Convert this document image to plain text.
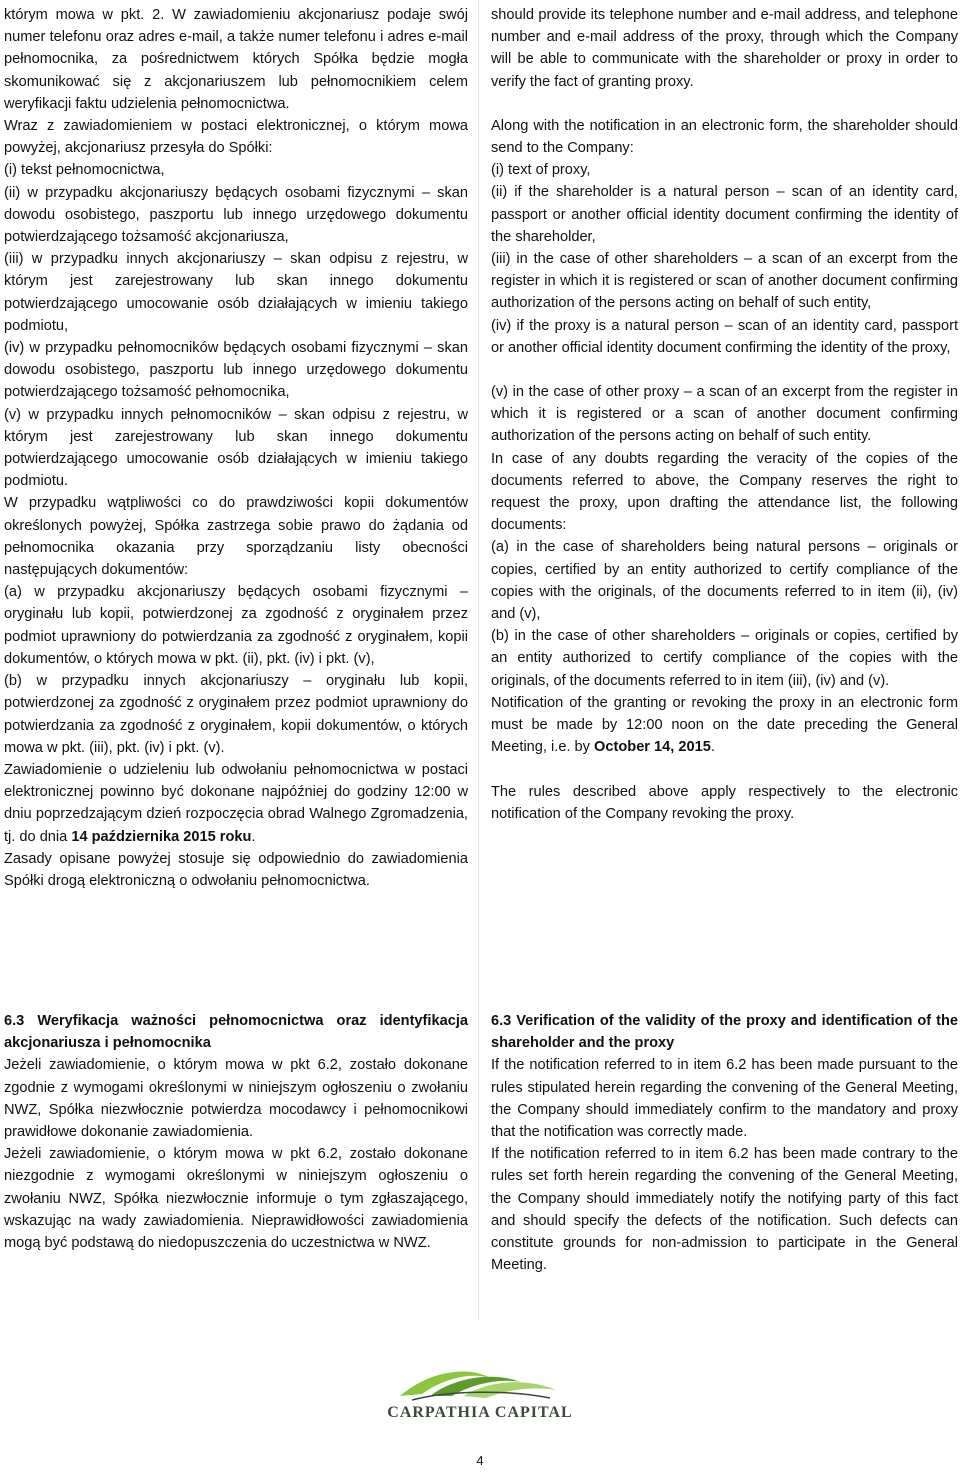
którym mowa w pkt. 2. W zawiadomieniu akcjonariusz podaje swój numer telefonu oraz adres e-mail, a także numer telefonu i adres e-mail pełnomocnika, za pośrednictwem których Spółka będzie mogła skomunikować się z akcjonariuszem lub pełnomocnikiem celem weryfikacji faktu udzielenia pełnomocnictwa.

Wraz z zawiadomieniem w postaci elektronicznej, o którym mowa powyżej, akcjonariusz przesyła do Spółki:

(i) tekst pełnomocnictwa,

(ii) w przypadku akcjonariuszy będących osobami fizycznymi – skan dowodu osobistego, paszportu lub innego urzędowego dokumentu potwierdzającego tożsamość akcjonariusza,

(iii) w przypadku innych akcjonariuszy – skan odpisu z rejestru, w którym jest zarejestrowany lub skan innego dokumentu potwierdzającego umocowanie osób działających w imieniu takiego podmiotu,

(iv) w przypadku pełnomocników będących osobami fizycznymi – skan dowodu osobistego, paszportu lub innego urzędowego dokumentu potwierdzającego tożsamość pełnomocnika,

(v) w przypadku innych pełnomocników – skan odpisu z rejestru, w którym jest zarejestrowany lub skan innego dokumentu potwierdzającego umocowanie osób działających w imieniu takiego podmiotu.

W przypadku wątpliwości co do prawdziwości kopii dokumentów określonych powyżej, Spółka zastrzega sobie prawo do żądania od pełnomocnika okazania przy sporządzaniu listy obecności następujących dokumentów:

(a) w przypadku akcjonariuszy będących osobami fizycznymi – oryginału lub kopii, potwierdzonej za zgodność z oryginałem przez podmiot uprawniony do potwierdzania za zgodność z oryginałem, kopii dokumentów, o których mowa w pkt. (ii), pkt. (iv) i pkt. (v),

(b) w przypadku innych akcjonariuszy – oryginału lub kopii, potwierdzonej za zgodność z oryginałem przez podmiot uprawniony do potwierdzania za zgodność z oryginałem, kopii dokumentów, o których mowa w pkt. (iii), pkt. (iv) i pkt. (v).

Zawiadomienie o udzieleniu lub odwołaniu pełnomocnictwa w postaci elektronicznej powinno być dokonane najpóźniej do godziny 12:00 w dniu poprzedzającym dzień rozpoczęcia obrad Walnego Zgromadzenia, tj. do dnia 14 października 2015 roku.

Zasady opisane powyżej stosuje się odpowiednio do zawiadomienia Spółki drogą elektroniczną o odwołaniu pełnomocnictwa.

should provide its telephone number and e-mail address, and telephone number and e-mail address of the proxy, through which the Company will be able to communicate with the shareholder or proxy in order to verify the fact of granting proxy.

Along with the notification in an electronic form, the shareholder should send to the Company:

(i) text of proxy,

(ii) if the shareholder is a natural person – scan of an identity card, passport or another official identity document confirming the identity of the shareholder,

(iii) in the case of other shareholders – a scan of an excerpt from the register in which it is registered or scan of another document confirming authorization of the persons acting on behalf of such entity,

(iv) if the proxy is a natural person – scan of an identity card, passport or another official identity document confirming the identity of the proxy,

(v) in the case of other proxy – a scan of an excerpt from the register in which it is registered or a scan of another document confirming authorization of the persons acting on behalf of such entity.

In case of any doubts regarding the veracity of the copies of the documents referred to above, the Company reserves the right to request the proxy, upon drafting the attendance list, the following documents:

(a) in the case of shareholders being natural persons – originals or copies, certified by an entity authorized to certify compliance of the copies with the originals, of the documents referred to in item (ii), (iv) and (v),

(b) in the case of other shareholders – originals or copies, certified by an entity authorized to certify compliance of the copies with the originals, of the documents referred to in item (iii), (iv) and (v).

Notification of the granting or revoking the proxy in an electronic form must be made by 12:00 noon on the date preceding the General Meeting, i.e. by October 14, 2015.

The rules described above apply respectively to the electronic notification of the Company revoking the proxy.

6.3 Weryfikacja ważności pełnomocnictwa oraz identyfikacja akcjonariusza i pełnomocnika

Jeżeli zawiadomienie, o którym mowa w pkt 6.2, zostało dokonane zgodnie z wymogami określonymi w niniejszym ogłoszeniu o zwołaniu NWZ, Spółka niezwłocznie potwierdza mocodawcy i pełnomocnikowi prawidłowe dokonanie zawiadomienia.

Jeżeli zawiadomienie, o którym mowa w pkt 6.2, zostało dokonane niezgodnie z wymogami określonymi w niniejszym ogłoszeniu o zwołaniu NWZ, Spółka niezwłocznie informuje o tym zgłaszającego, wskazując na wady zawiadomienia. Nieprawidłowości zawiadomienia mogą być podstawą do niedopuszczenia do uczestnictwa w NWZ.

6.3 Verification of the validity of the proxy and identification of the shareholder and the proxy

If the notification referred to in item 6.2 has been made pursuant to the rules stipulated herein regarding the convening of the General Meeting, the Company should immediately confirm to the mandatory and proxy that the notification was correctly made.

If the notification referred to in item 6.2 has been made contrary to the rules set forth herein regarding the convening of the General Meeting, the Company should immediately notify the notifying party of this fact and should specify the defects of the notification. Such defects can constitute grounds for non-admission to participate in the General Meeting.

CARPATHIA CAPITAL
4
